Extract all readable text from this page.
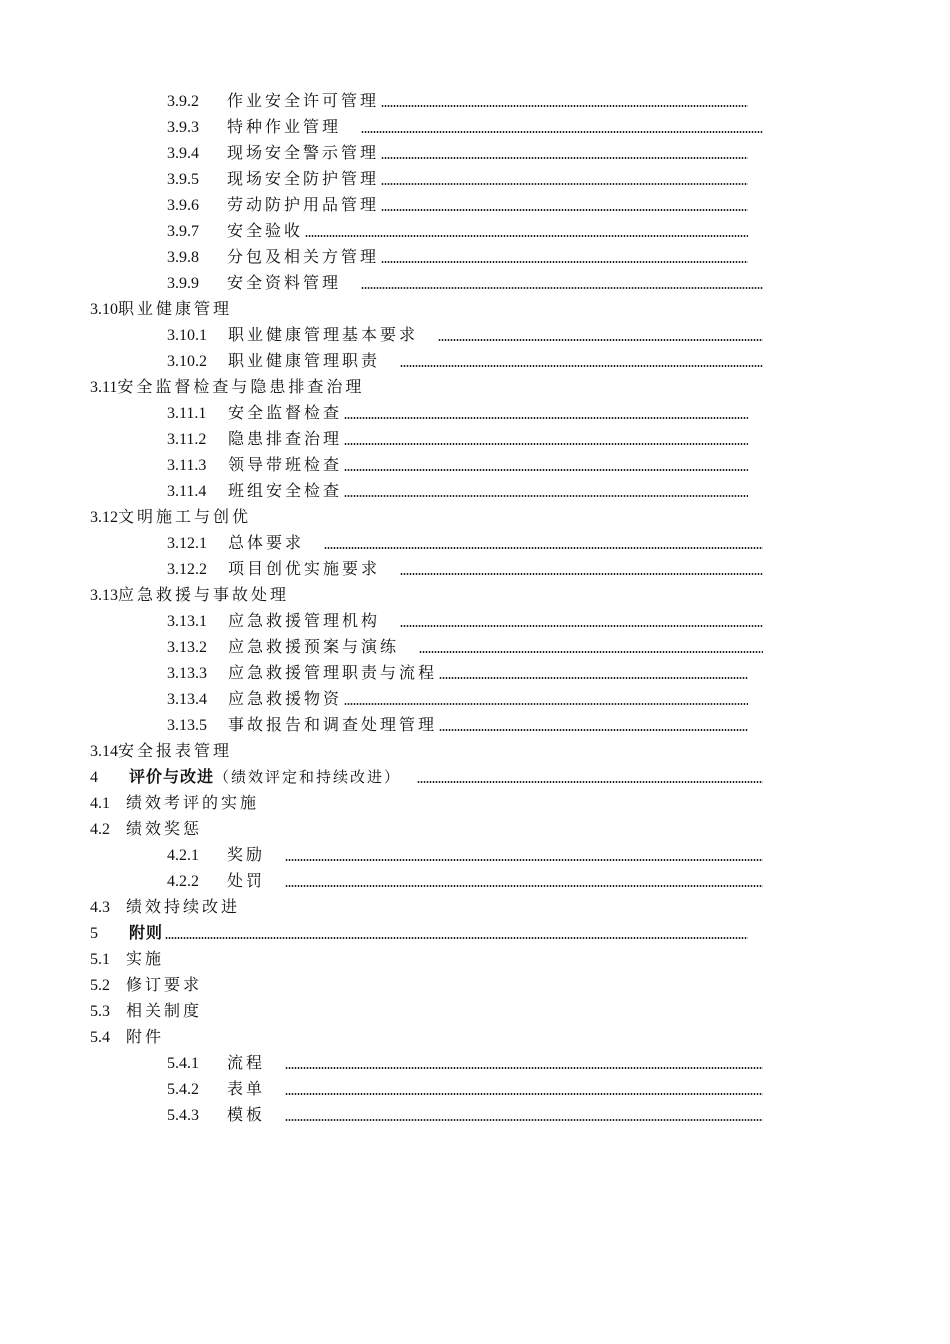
3.9.2	作业安全许可管理
3.9.3	特种作业管理
3.9.4	现场安全警示管理
3.9.5	现场安全防护管理
3.9.6	劳动防护用品管理
3.9.7	安全验收
3.9.8	分包及相关方管理
3.9.9	安全资料管理
3.10 职业健康管理
3.10.1	职业健康管理基本要求
3.10.2	职业健康管理职责
3.11 安全监督检查与隐患排查治理
3.11.1	安全监督检查
3.11.2	隐患排查治理
3.11.3	领导带班检查
3.11.4	班组安全检查
3.12 文明施工与创优
3.12.1	总体要求
3.12.2	项目创优实施要求
3.13 应急救援与事故处理
3.13.1	应急救援管理机构
3.13.2	应急救援预案与演练
3.13.3	应急救援管理职责与流程
3.13.4	应急救援物资
3.13.5	事故报告和调查处理管理
3.14 安全报表管理
4	评价与改进 （绩效评定和持续改进）
4.1	绩效考评的实施
4.2	绩效奖惩
4.2.1	奖励
4.2.2	处罚
4.3	绩效持续改进
5	附则
5.1	实施
5.2	修订要求
5.3	相关制度
5.4	附件
5.4.1	流程
5.4.2	表单
5.4.3	模板
